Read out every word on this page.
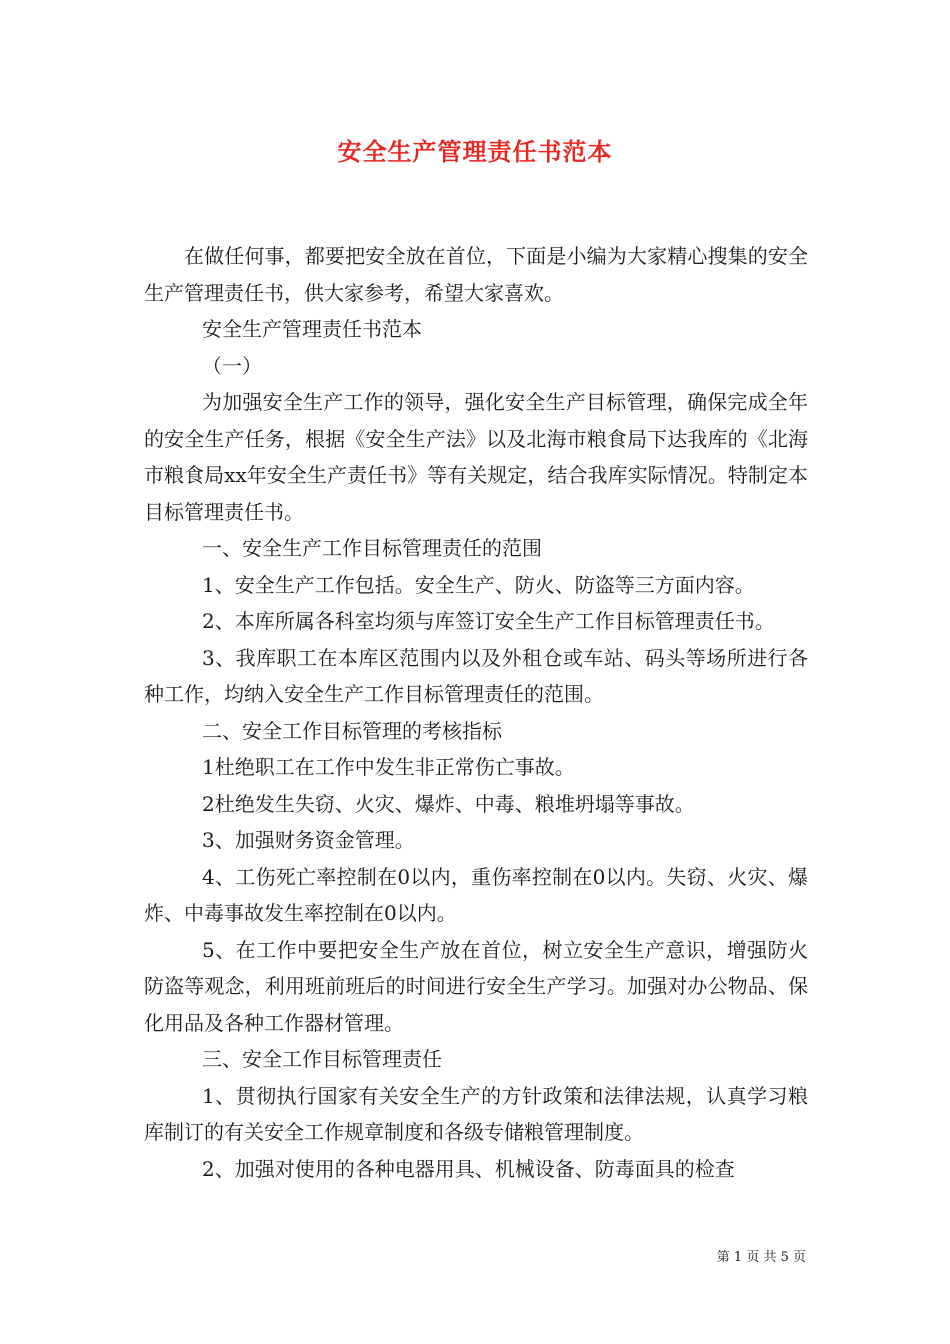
安全生产管理责任书范本

在做任何事，都要把安全放在首位，下面是小编为大家精心搜集的安全生产管理责任书，供大家参考，希望大家喜欢。

安全生产管理责任书范本

（一）

为加强安全生产工作的领导，强化安全生产目标管理，确保完成全年的安全生产任务，根据《安全生产法》以及北海市粮食局下达我库的《北海市粮食局xx年安全生产责任书》等有关规定，结合我库实际情况。特制定本目标管理责任书。

一、安全生产工作目标管理责任的范围

1、安全生产工作包括。安全生产、防火、防盗等三方面内容。

2、本库所属各科室均须与库签订安全生产工作目标管理责任书。

3、我库职工在本库区范围内以及外租仓或车站、码头等场所进行各种工作，均纳入安全生产工作目标管理责任的范围。

二、安全工作目标管理的考核指标

1杜绝职工在工作中发生非正常伤亡事故。

2杜绝发生失窃、火灾、爆炸、中毒、粮堆坍塌等事故。

3、加强财务资金管理。

4、工伤死亡率控制在0以内，重伤率控制在0以内。失窃、火灾、爆炸、中毒事故发生率控制在0以内。

5、在工作中要把安全生产放在首位，树立安全生产意识，增强防火防盗等观念，利用班前班后的时间进行安全生产学习。加强对办公物品、保化用品及各种工作器材管理。

三、安全工作目标管理责任

1、贯彻执行国家有关安全生产的方针政策和法律法规，认真学习粮库制订的有关安全工作规章制度和各级专储粮管理制度。

2、加强对使用的各种电器用具、机械设备、防毒面具的检查

第 1 页 共 5 页
